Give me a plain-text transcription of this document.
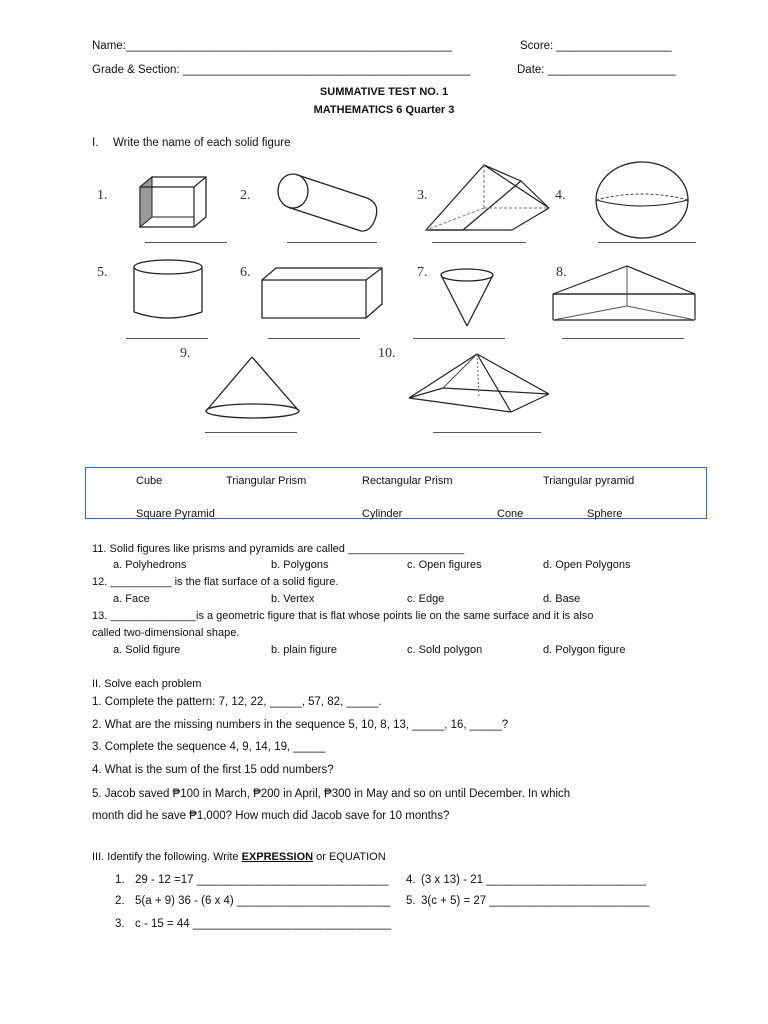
Name:___________________________________________________	Score: __________________
Grade & Section: _____________________________________________	Date: ____________________
SUMMATIVE TEST NO. 1
MATHEMATICS 6 Quarter 3
I. Write the name of each solid figure
1.	2.	3.	4.
5.	6.	7.	8.
9.	10.
Cube	Triangular Prism	Rectangular Prism	Triangular pyramid
Square Pyramid	Cylinder	Cone	Sphere
11. Solid figures like prisms and pyramids are called ___________________
a. Polyhedrons	b. Polygons	c. Open figures	d. Open Polygons
12. __________ is the flat surface of a solid figure.
a. Face	b. Vertex	c. Edge	d. Base
13. ______________is a geometric figure that is flat whose points lie on the same surface and it is also
called two-dimensional shape.
a. Solid figure	b. plain figure	c. Sold polygon	d. Polygon figure
II. Solve each problem
1. Complete the pattern: 7, 12, 22, _____, 57, 82, _____.
2. What are the missing numbers in the sequence 5, 10, 8, 13, _____, 16, _____?
3. Complete the sequence 4, 9, 14, 19, _____
4. What is the sum of the first 15 odd numbers?
5. Jacob saved ₱100 in March, ₱200 in April, ₱300 in May and so on until December. In which
month did he save ₱1,000? How much did Jacob save for 10 months?
III. Identify the following. Write EXPRESSION or EQUATION
1. 29 - 12 =17 ______________________________ 4. (3 x 13) - 21 _________________________
2. 5(a + 9) 36 - (6 x 4) ________________________ 5. 3(c + 5) = 27 _________________________
3. c - 15 = 44 _______________________________
